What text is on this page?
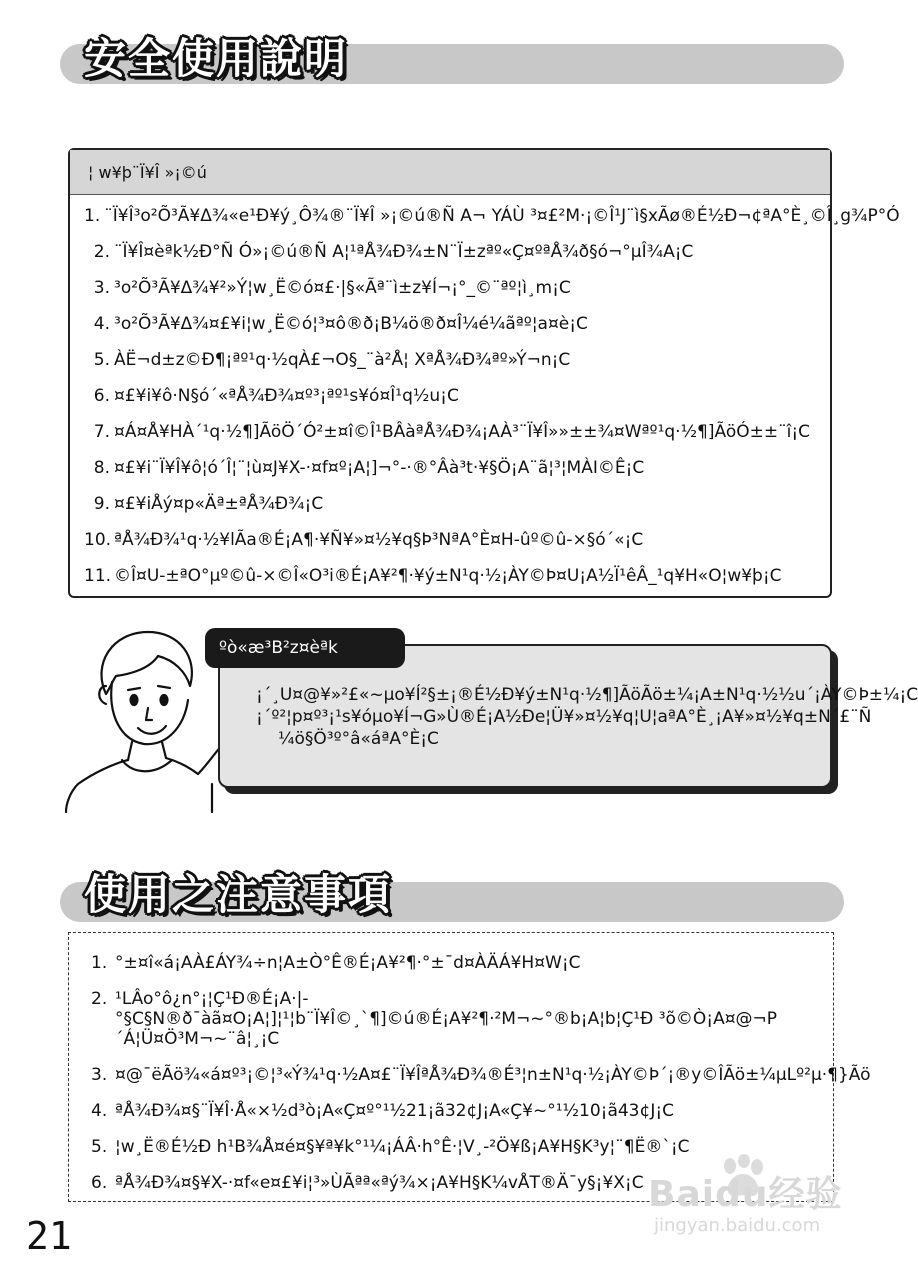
安全使用說明
¦ w¥þ¨Ï¥Î »¡©ú
1. ¨Ï¥Î³o²Õ³Ã¥Δ¾«e¹Ð¥ý¸Ô¾®¨Ï¥Î »¡©ú®Ñ A¬ YÁÙ ³¤£²M·¡©Î¹J¨ì§xÃø®É½Ð¬¢ªA°È¸©Î¸g¾P°Ó
2. ¨Ï¥Î¤èªk½Ð°Ñ Ó»¡©ú®Ñ A¦¹ªÅ¾Ð¾±N¨Ï±zªº«Ç¤ºªÅ¾ð§ó¬°µÎ¾A¡C
3. ³o²Õ³Ã¥Δ¾¥²»Ý¦w¸Ë©ó¤£·|§«Ãª¨ì±z¥Í¬¡°_©¨ªº¦ì¸m¡C
4. ³o²Õ³Ã¥Δ¾¤£¥i¦w¸Ë©ó¦³¤ô®ð¡B¼ö®ð¤Î¼é¼ãªº¦a¤è¡C
5. ÀË¬d±z©Ð¶¡ªº¹q·½qÀ£¬O§_¨à²Å¦ XªÅ¾Ð¾ªº»Ý¬n¡C
6. ¤£¥i¥ô·N§ó´«ªÅ¾Ð¾¤º³¡ªº¹s¥ó¤Î¹q½u¡C
7. ¤Á¤Å¥HÀ´¹q·½¶]ÃöÖ´Ó²±¤î©Î¹BÂàªÅ¾Ð¾¡AÀ³¨Ï¥Î»»±±¾¤Wªº¹q·½¶]ÃöÓ±±¨î¡C
8. ¤£¥i¨Ï¥Î¥ô¦ó´Î¦¨¦ù¤J¥X-·¤f¤º¡A¦]¬°-·®°Âà³t·¥§Ö¡A¨ã¦³¦MÀI©Ê¡C
9. ¤£¥iÅý¤p«Äª±ªÅ¾Ð¾¡C
10. ªÅ¾Ð¾¹q·½¥lÃa®É¡A¶·¥Ñ¥»¤½¥q§Þ³NªA°È¤H-ûº©û-×§ó´«¡C
11. ©Î¤U-±ªO°µº©û-×©Î«O³i®É¡A¥²¶·¥ý±N¹q·½¡ÀY©Þ¤U¡A½Ï¹êÂ_¹q¥H«O¦w¥þ¡C
ºò«æ³B²z¤èªk
¡´¸U¤@¥»²£«~µo¥Í²§±¡®É½Ð¥ý±N¹q·½¶]ÃöÃö±¼¡A±N¹q·½½u´¡ÀY©Þ±¼¡C
¡´º²¦p¤º³¡¹s¥óµo¥Í¬G»Ù®É¡A½Ðe¦Ü¥»¤½¥q¦U¦aªA°È¸¡A¥»¤½¥q±N´£¨Ñ
¼ö§Ö³º°â«áªA°È¡C
使用之注意事項
1. °±¤î«á¡AÀ£ÁY¾÷n¦A±Ò°Ê®É¡A¥²¶·°±¯d¤ÀÄÁ¥H¤W¡C
2. ¹LÂo°ô¿n°¡¦Ç¹Ð®É¡A·|-°§C§N®ð¯àã¤O¡A¦]¦¹¦b¨Ï¥Î©¸`¶]©ú®É¡A¥²¶·²M¬~°®b¡A¦b¦Ç¹Ð ³õ©Ò¡A¤@¬P´Á¦Ü¤Ö³M¬~¨â¦¸¡C
3. ¤@¯ëÃö¾«á¤º³¡©¦³«Ý¾¹q·½A¤£¨Ï¥ÎªÅ¾Ð¾®É³¦n±N¹q·½¡ÀY©Þ´¡®y©ÎÃö±¼µLº²µ·¶}Ãö
4. ªÅ¾Ð¾¤§¨Ï¥Î·Å«×½d³ò¡A«Ç¤º°¹½21¡ã32¢J¡A«Ç¥~°¹½10¡ã43¢J¡C
5. ¦w¸Ë®É½Ð h¹B¾Å¤é¤§¥ª¥k°¹¼¡ÁÂ·h°Ê·¦V¸-²Ö¥ß¡A¥H§K³y¦¨¶Ë®`¡C
6. ªÅ¾Ð¾¤§¥X-·¤f«e¤£¥i¦³»ÙÃªª«ªý¾×¡A¥H§K¼vÅT®Ä¯y§¡¥X¡C Baidu经验
jingyan.baidu.com
21
